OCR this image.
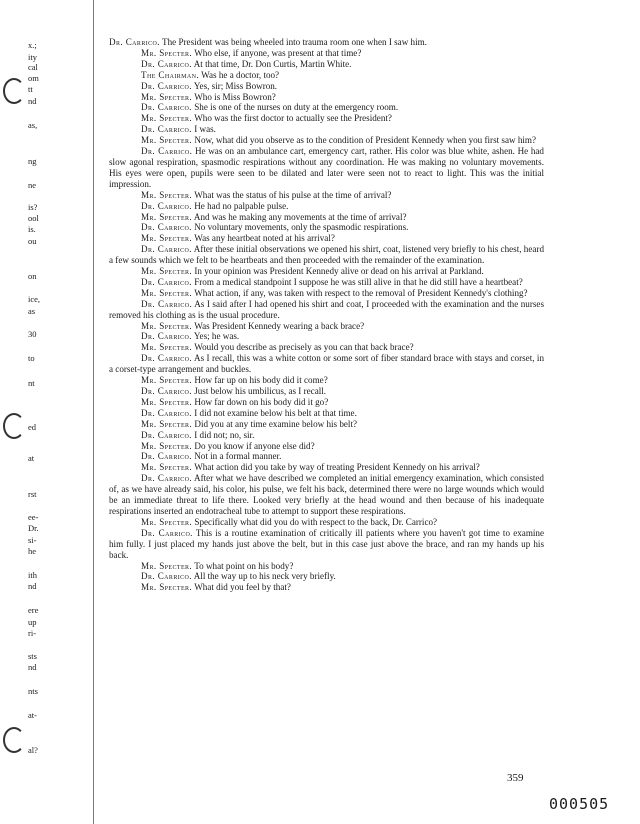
x.;
ity
cal
om
tt
nd
as,
ng
ne
is?
ool
is.
ou
on
ice,
as
30
to
nt
ed
at
rst
ee-
Dr.
si-
he
ith
nd
ere
up
ri-
sts
nd
nts
at-
al?

Dr. Carrico. The President was being wheeled into trauma room one when I saw him.

Mr. Specter. Who else, if anyone, was present at that time?

Dr. Carrico. At that time, Dr. Don Curtis, Martin White.

The Chairman. Was he a doctor, too?

Dr. Carrico. Yes, sir; Miss Bowron.

Mr. Specter. Who is Miss Bowron?

Dr. Carrico. She is one of the nurses on duty at the emergency room.

Mr. Specter. Who was the first doctor to actually see the President?

Dr. Carrico. I was.

Mr. Specter. Now, what did you observe as to the condition of President Kennedy when you first saw him?

Dr. Carrico. He was on an ambulance cart, emergency cart, rather. His color was blue white, ashen. He had slow agonal respiration, spasmodic respirations without any coordination. He was making no voluntary movements. His eyes were open, pupils were seen to be dilated and later were seen not to react to light. This was the initial impression.

Mr. Specter. What was the status of his pulse at the time of arrival?

Dr. Carrico. He had no palpable pulse.

Mr. Specter. And was he making any movements at the time of arrival?

Dr. Carrico. No voluntary movements, only the spasmodic respirations.

Mr. Specter. Was any heartbeat noted at his arrival?

Dr. Carrico. After these initial observations we opened his shirt, coat, listened very briefly to his chest, heard a few sounds which we felt to be heartbeats and then proceeded with the remainder of the examination.

Mr. Specter. In your opinion was President Kennedy alive or dead on his arrival at Parkland.

Dr. Carrico. From a medical standpoint I suppose he was still alive in that he did still have a heartbeat?

Mr. Specter. What action, if any, was taken with respect to the removal of President Kennedy's clothing?

Dr. Carrico. As I said after I had opened his shirt and coat, I proceeded with the examination and the nurses removed his clothing as is the usual procedure.

Mr. Specter. Was President Kennedy wearing a back brace?

Dr. Carrico. Yes; he was.

Mr. Specter. Would you describe as precisely as you can that back brace?

Dr. Carrico. As I recall, this was a white cotton or some sort of fiber standard brace with stays and corset, in a corset-type arrangement and buckles.

Mr. Specter. How far up on his body did it come?

Dr. Carrico. Just below his umbilicus, as I recall.

Mr. Specter. How far down on his body did it go?

Dr. Carrico. I did not examine below his belt at that time.

Mr. Specter. Did you at any time examine below his belt?

Dr. Carrico. I did not; no, sir.

Mr. Specter. Do you know if anyone else did?

Dr. Carrico. Not in a formal manner.

Mr. Specter. What action did you take by way of treating President Kennedy on his arrival?

Dr. Carrico. After what we have described we completed an initial emergency examination, which consisted of, as we have already said, his color, his pulse, we felt his back, determined there were no large wounds which would be an immediate threat to life there. Looked very briefly at the head wound and then because of his inadequate respirations inserted an endotracheal tube to attempt to support these respirations.

Mr. Specter. Specifically what did you do with respect to the back, Dr. Carrico?

Dr. Carrico. This is a routine examination of critically ill patients where you haven't got time to examine him fully. I just placed my hands just above the belt, but in this case just above the brace, and ran my hands up his back.

Mr. Specter. To what point on his body?

Dr. Carrico. All the way up to his neck very briefly.

Mr. Specter. What did you feel by that?

359
000505
